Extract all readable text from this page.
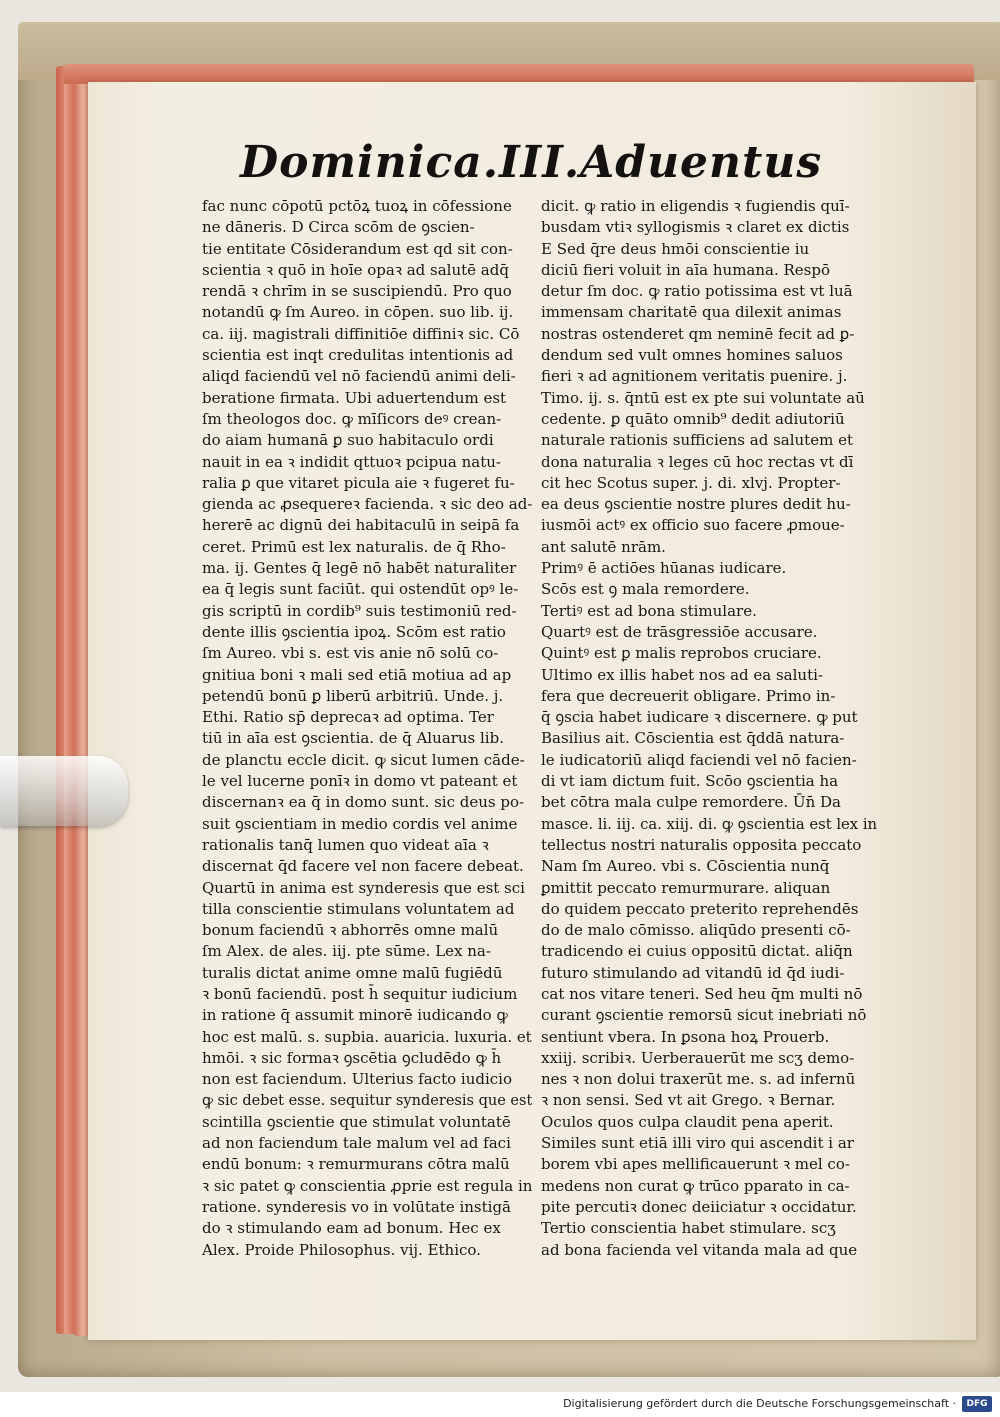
Dominica.III.Aduentus
fac nunc cōpotū pctōꝝ tuoꝝ in cōfessione
ne dāneris. D Circa scōm de ꝯscien-
tie entitate Cōsiderandum est qd sit con-
scientia ꝛ quō in hoīe opaꝛ ad salutē adq̄
rendā ꝛ chrīm in se suscipiendū. Pro quo
notandū ꝙ ſm Aureo. in cōpen. suo lib. ij.
ca. iij. magistrali diffinitiōe diffiniꝛ sic. Cō
scientia est inqt credulitas intentionis ad
aliqd faciendū vel nō faciendū animi deli-
beratione firmata. Ubi aduertendum est
ſm theologos doc. ꝙ mīſicors deꝰ crean-
do aiam humanā ꝑ suo habitaculo ordi
nauit in ea ꝛ indidit qttuoꝛ pcipua natu-
ralia ꝑ que vitaret picula aie ꝛ fugeret fu-
gienda ac ꝓsequereꝛ facienda. ꝛ sic deo ad-
hererē ac dignū dei habitaculū in seipā fa
ceret. Primū est lex naturalis. de q̄ Rho-
ma. ij. Gentes q̄ legē nō habēt naturaliter
ea q̄ legis sunt faciūt. qui ostendūt opꝰ le-
gis scriptū in cordib⁹ suis testimoniū red-
dente illis ꝯscientia ipoꝝ. Scōm est ratio
ſm Aureo. vbi s. est vis anie nō solū co-
gnitiua boni ꝛ mali sed etiā motiua ad ap
petendū bonū ꝑ liberū arbitriū. Unde. j.
Ethi. Ratio sp̄ deprecaꝛ ad optima. Ter
tiū in aīa est ꝯscientia. de q̄ Aluarus lib.
de planctu eccle dicit. ꝙ sicut lumen cāde-
le vel lucerne ponīꝛ in domo vt pateant et
discernanꝛ ea q̄ in domo sunt. sic deus po-
suit ꝯscientiam in medio cordis vel anime
rationalis tanq̄ lumen quo videat aīa ꝛ
discernat q̄d facere vel non facere debeat.
Quartū in anima est synderesis que est sci
tilla conscientie stimulans voluntatem ad
bonum faciendū ꝛ abhorrēs omne malū
ſm Alex. de ales. iij. pte sūme. Lex na-
turalis dictat anime omne malū fugiēdū
ꝛ bonū faciendū. post h̄ sequitur iudicium
in ratione q̄ assumit minorē iudicando ꝙ
hoc est malū. s. supbia. auaricia. luxuria. et
hmōi. ꝛ sic formaꝛ ꝯscētia ꝯcludēdo ꝙ h̄
non est faciendum. Ulterius facto iudicio
ꝙ sic debet esse. sequitur synderesis que est
scintilla ꝯscientie que stimulat voluntatē
ad non faciendum tale malum vel ad faci
endū bonum: ꝛ remurmurans cōtra malū
ꝛ sic patet ꝙ conscientia ꝓprie est regula in
ratione. synderesis vo in volūtate instigā
do ꝛ stimulando eam ad bonum. Hec ex
Alex. Proide Philosophus. vij. Ethico.
dicit. ꝙ ratio in eligendis ꝛ fugiendis quī-
busdam vtiꝛ syllogismis ꝛ claret ex dictis
E Sed q̄re deus hmōi conscientie iu
diciū fieri voluit in aīa humana. Respō
detur ſm doc. ꝙ ratio potissima est vt luā
immensam charitatē qua dilexit animas
nostras ostenderet qm neminē fecit ad ꝑ-
dendum sed vult omnes homines saluos
fieri ꝛ ad agnitionem veritatis puenire. j.
Timo. ij. s. q̄ntū est ex pte sui voluntate aū
cedente. ꝑ quāto omnib⁹ dedit adiutoriū
naturale rationis sufficiens ad salutem et
dona naturalia ꝛ leges cū hoc rectas vt dī
cit hec Scotus super. j. di. xlvj. Propter-
ea deus ꝯscientie nostre plures dedit hu-
iusmōi actꝰ ex officio suo facere ꝓmoue-
ant salutē nrām.
Primꝰ ē actiōes hūanas iudicare.
Scōs est ꝯ mala remordere.
Tertiꝰ est ad bona stimulare.
Quartꝰ est de trāsgressiōe accusare.
Quintꝰ est ꝑ malis reprobos cruciare.
Ultimo ex illis habet nos ad ea saluti-
fera que decreuerit obligare. Primo in-
q̄ ꝯscia habet iudicare ꝛ discernere. ꝙ put
Basilius ait. Cōscientia est q̄ddā natura-
le iudicatoriū aliqd faciendi vel nō facien-
di vt iam dictum fuit. Scōo ꝯscientia ha
bet cōtra mala culpe remordere. Ūn̄ Da
masce. li. iij. ca. xiij. di. ꝙ ꝯscientia est lex in
tellectus nostri naturalis opposita peccato
Nam ſm Aureo. vbi s. Cōscientia nunq̄
ꝑmittit peccato remurmurare. aliquan
do quidem peccato preterito reprehendēs
do de malo cōmisso. aliqūdo presenti cō-
tradicendo ei cuius oppositū dictat. aliq̄n
futuro stimulando ad vitandū id q̄d iudi-
cat nos vitare teneri. Sed heu q̄m multi nō
curant ꝯscientie remorsū sicut inebriati nō
sentiunt vbera. In ꝑsona hoꝝ Prouerb.
xxiij. scribiꝛ. Uerberauerūt me scʒ demo-
nes ꝛ non dolui traxerūt me. s. ad infernū
ꝛ non sensi. Sed vt ait Grego. ꝛ Bernar.
Oculos quos culpa claudit pena aperit.
Similes sunt etiā illi viro qui ascendit i ar
borem vbi apes mellificauerunt ꝛ mel co-
medens non curat ꝙ trūco pparato in ca-
pite percutiꝛ donec deiiciatur ꝛ occidatur.
Tertio conscientia habet stimulare. scʒ
ad bona facienda vel vitanda mala ad que
Digitalisierung gefördert durch die Deutsche Forschungsgemeinschaft ·	DFG
